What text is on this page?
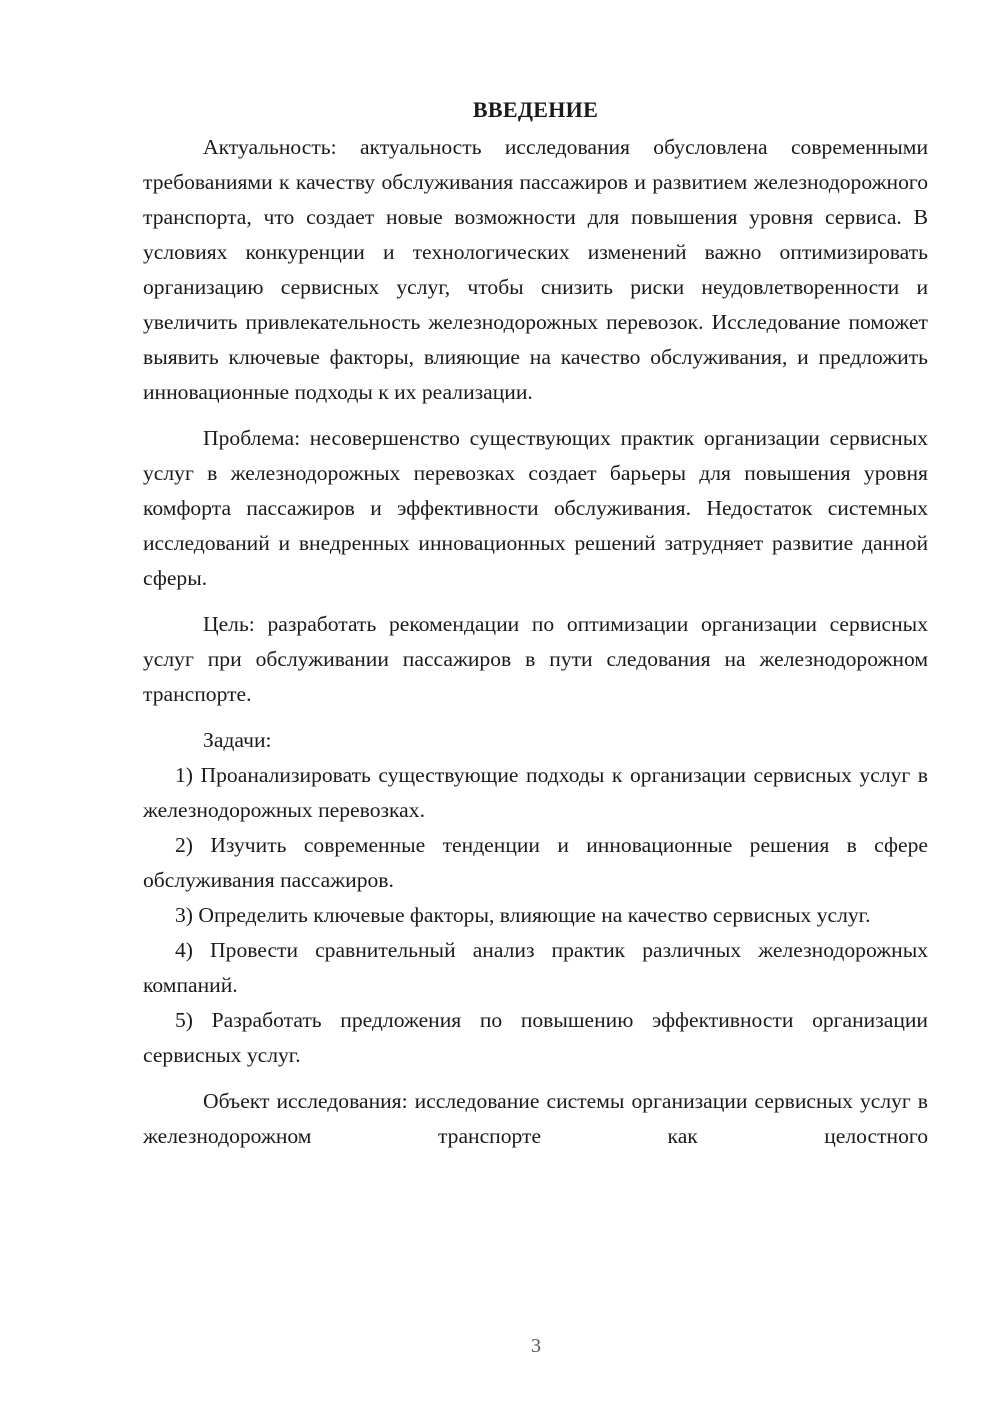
ВВЕДЕНИЕ

Актуальность: актуальность исследования обусловлена современными требованиями к качеству обслуживания пассажиров и развитием железнодорожного транспорта, что создает новые возможности для повышения уровня сервиса. В условиях конкуренции и технологических изменений важно оптимизировать организацию сервисных услуг, чтобы снизить риски неудовлетворенности и увеличить привлекательность железнодорожных перевозок. Исследование поможет выявить ключевые факторы, влияющие на качество обслуживания, и предложить инновационные подходы к их реализации.

Проблема: несовершенство существующих практик организации сервисных услуг в железнодорожных перевозках создает барьеры для повышения уровня комфорта пассажиров и эффективности обслуживания. Недостаток системных исследований и внедренных инновационных решений затрудняет развитие данной сферы.

Цель: разработать рекомендации по оптимизации организации сервисных услуг при обслуживании пассажиров в пути следования на железнодорожном транспорте.

Задачи:

1) Проанализировать существующие подходы к организации сервисных услуг в железнодорожных перевозках.

2) Изучить современные тенденции и инновационные решения в сфере обслуживания пассажиров.

3) Определить ключевые факторы, влияющие на качество сервисных услуг.

4) Провести сравнительный анализ практик различных железнодорожных компаний.

5) Разработать предложения по повышению эффективности организации сервисных услуг.

Объект исследования: исследование системы организации сервисных услуг в железнодорожном транспорте как целостного

3
